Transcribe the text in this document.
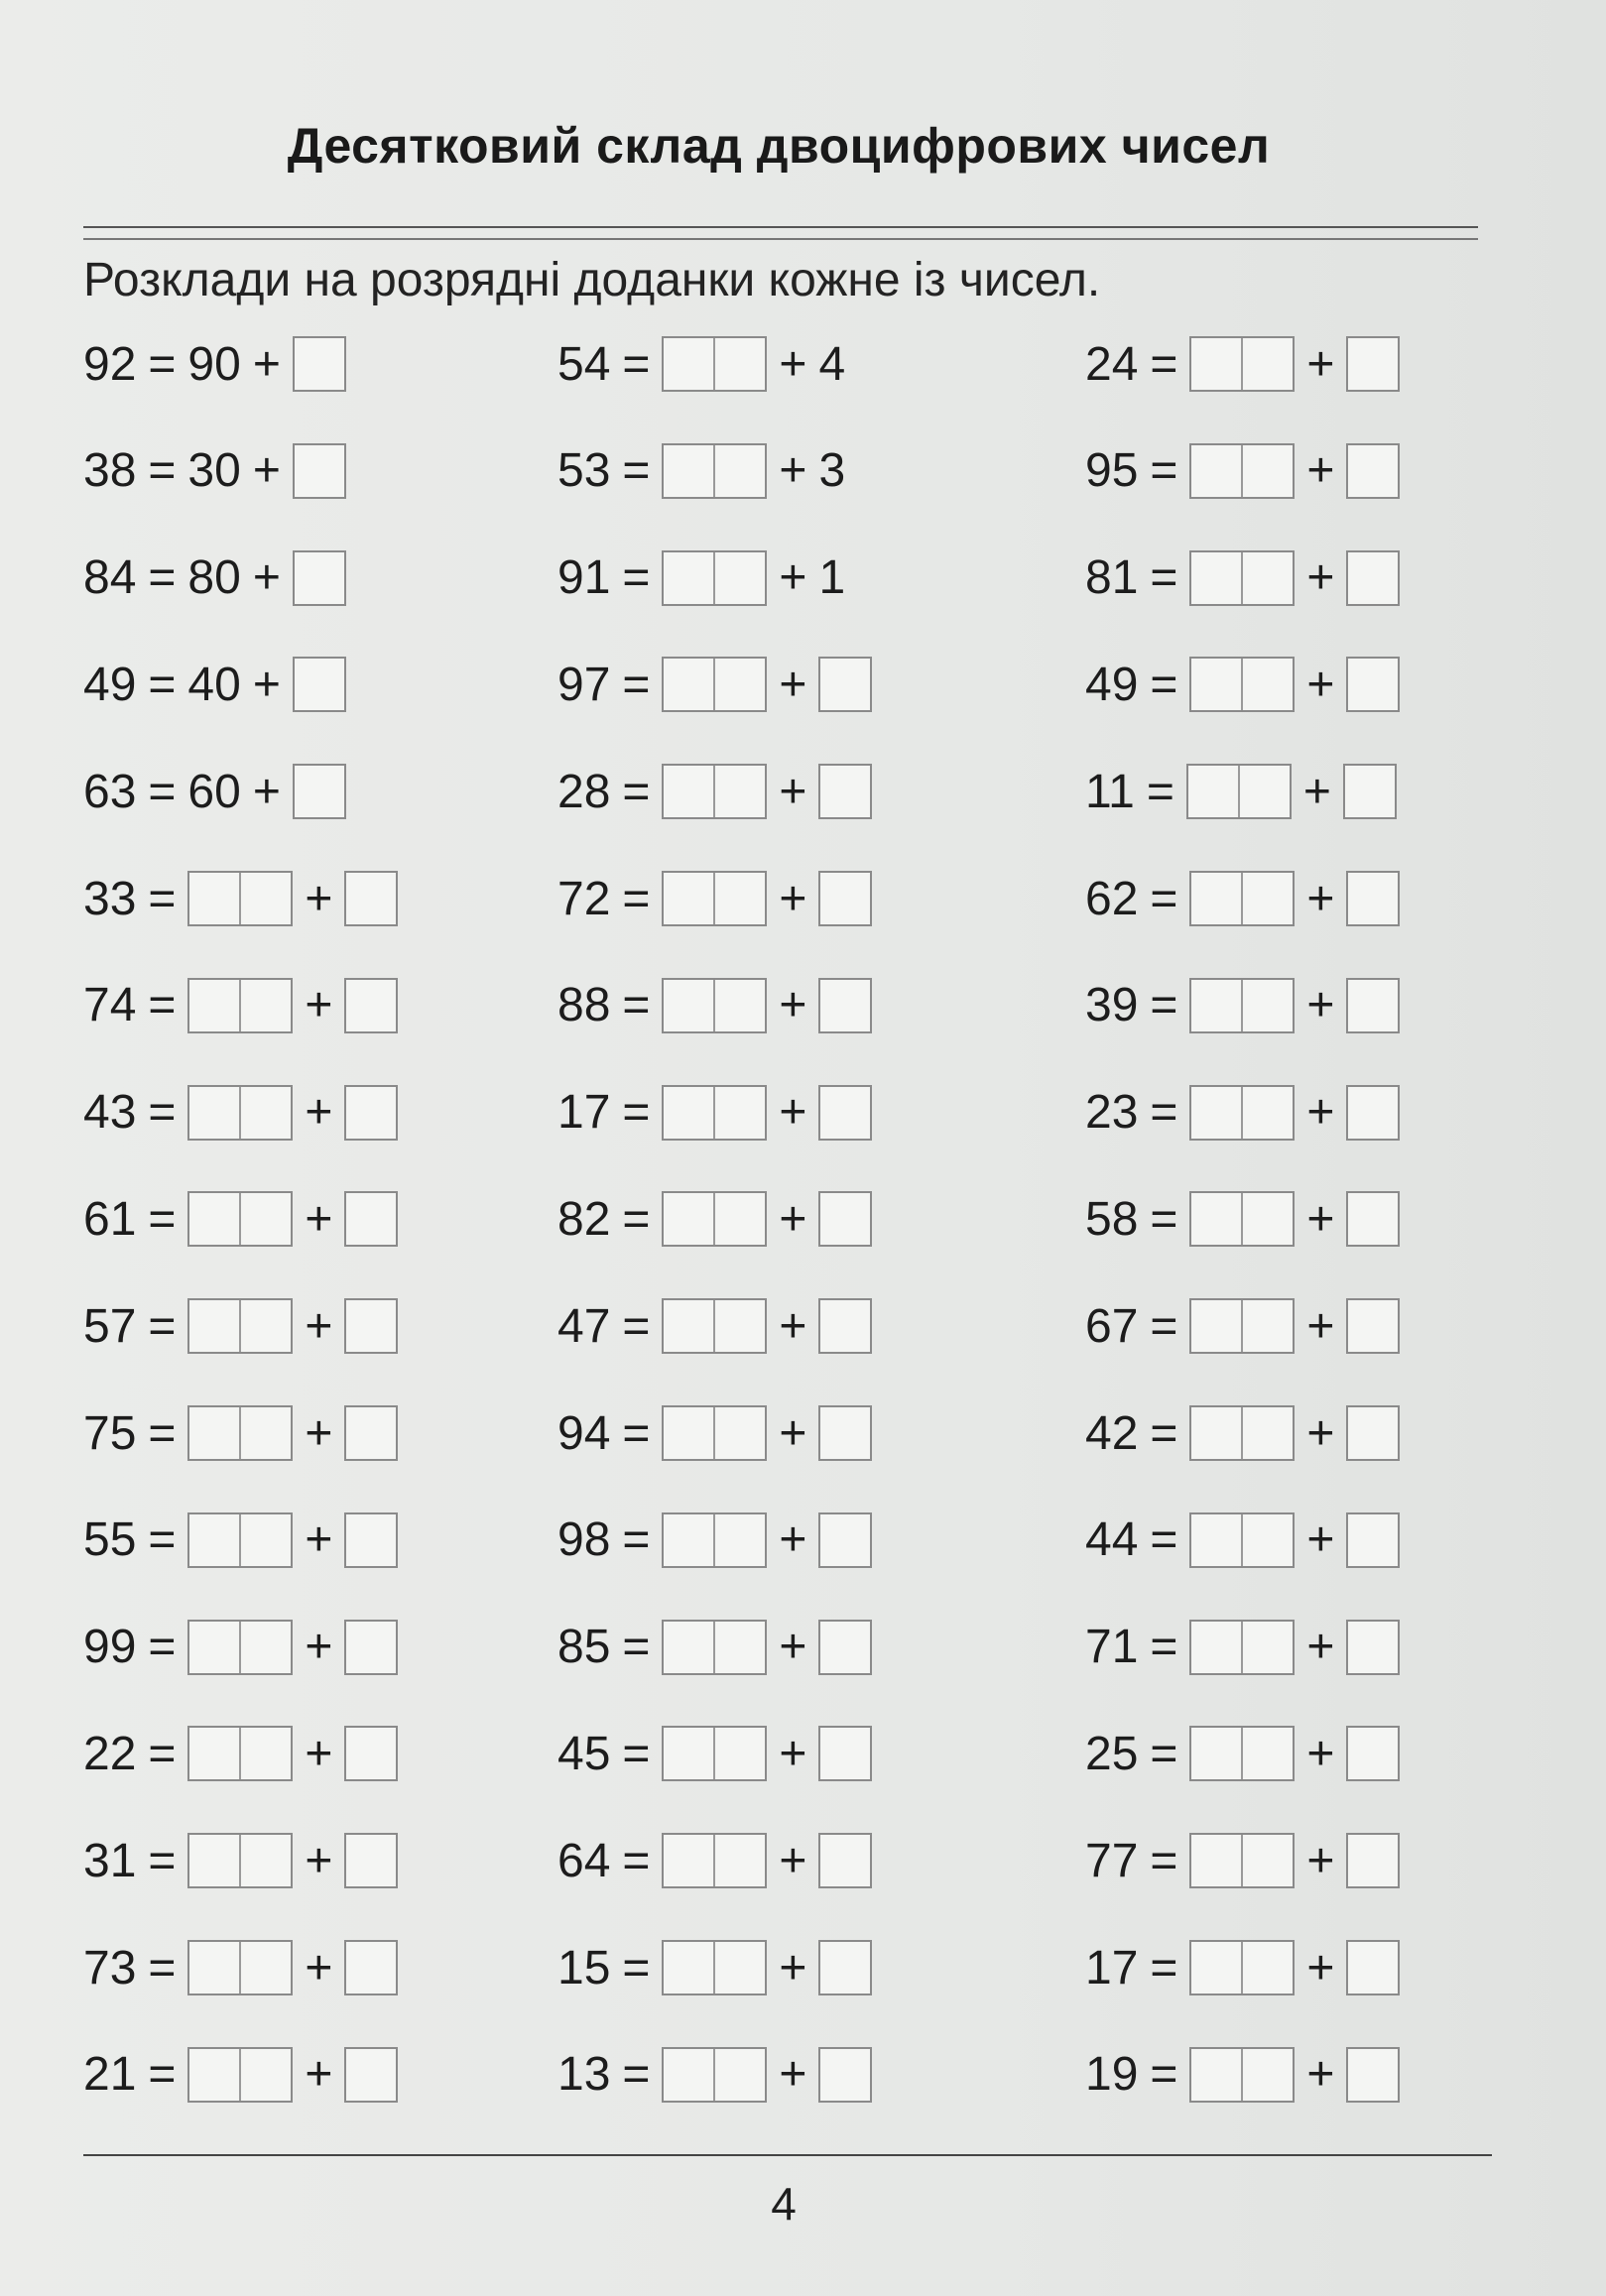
Десятковий склад двоцифрових чисел
Розклади на розрядні доданки кожне із чисел.
92 = 90 +
38 = 30 +
84 = 80 +
49 = 40 +
63 = 60 +
33 =	+
74 =	+
43 =	+
61 =	+
57 =	+
75 =	+
55 =	+
99 =	+
22 =	+
31 =	+
73 =	+
21 =	+
54 =	+ 4
53 =	+ 3
91 =	+ 1
97 =	+
28 =	+
72 =	+
88 =	+
17 =	+
82 =	+
47 =	+
94 =	+
98 =	+
85 =	+
45 =	+
64 =	+
15 =	+
13 =	+
24 =	+
95 =	+
81 =	+
49 =	+
11 =	+
62 =	+
39 =	+
23 =	+
58 =	+
67 =	+
42 =	+
44 =	+
71 =	+
25 =	+
77 =	+
17 =	+
19 =	+
4
